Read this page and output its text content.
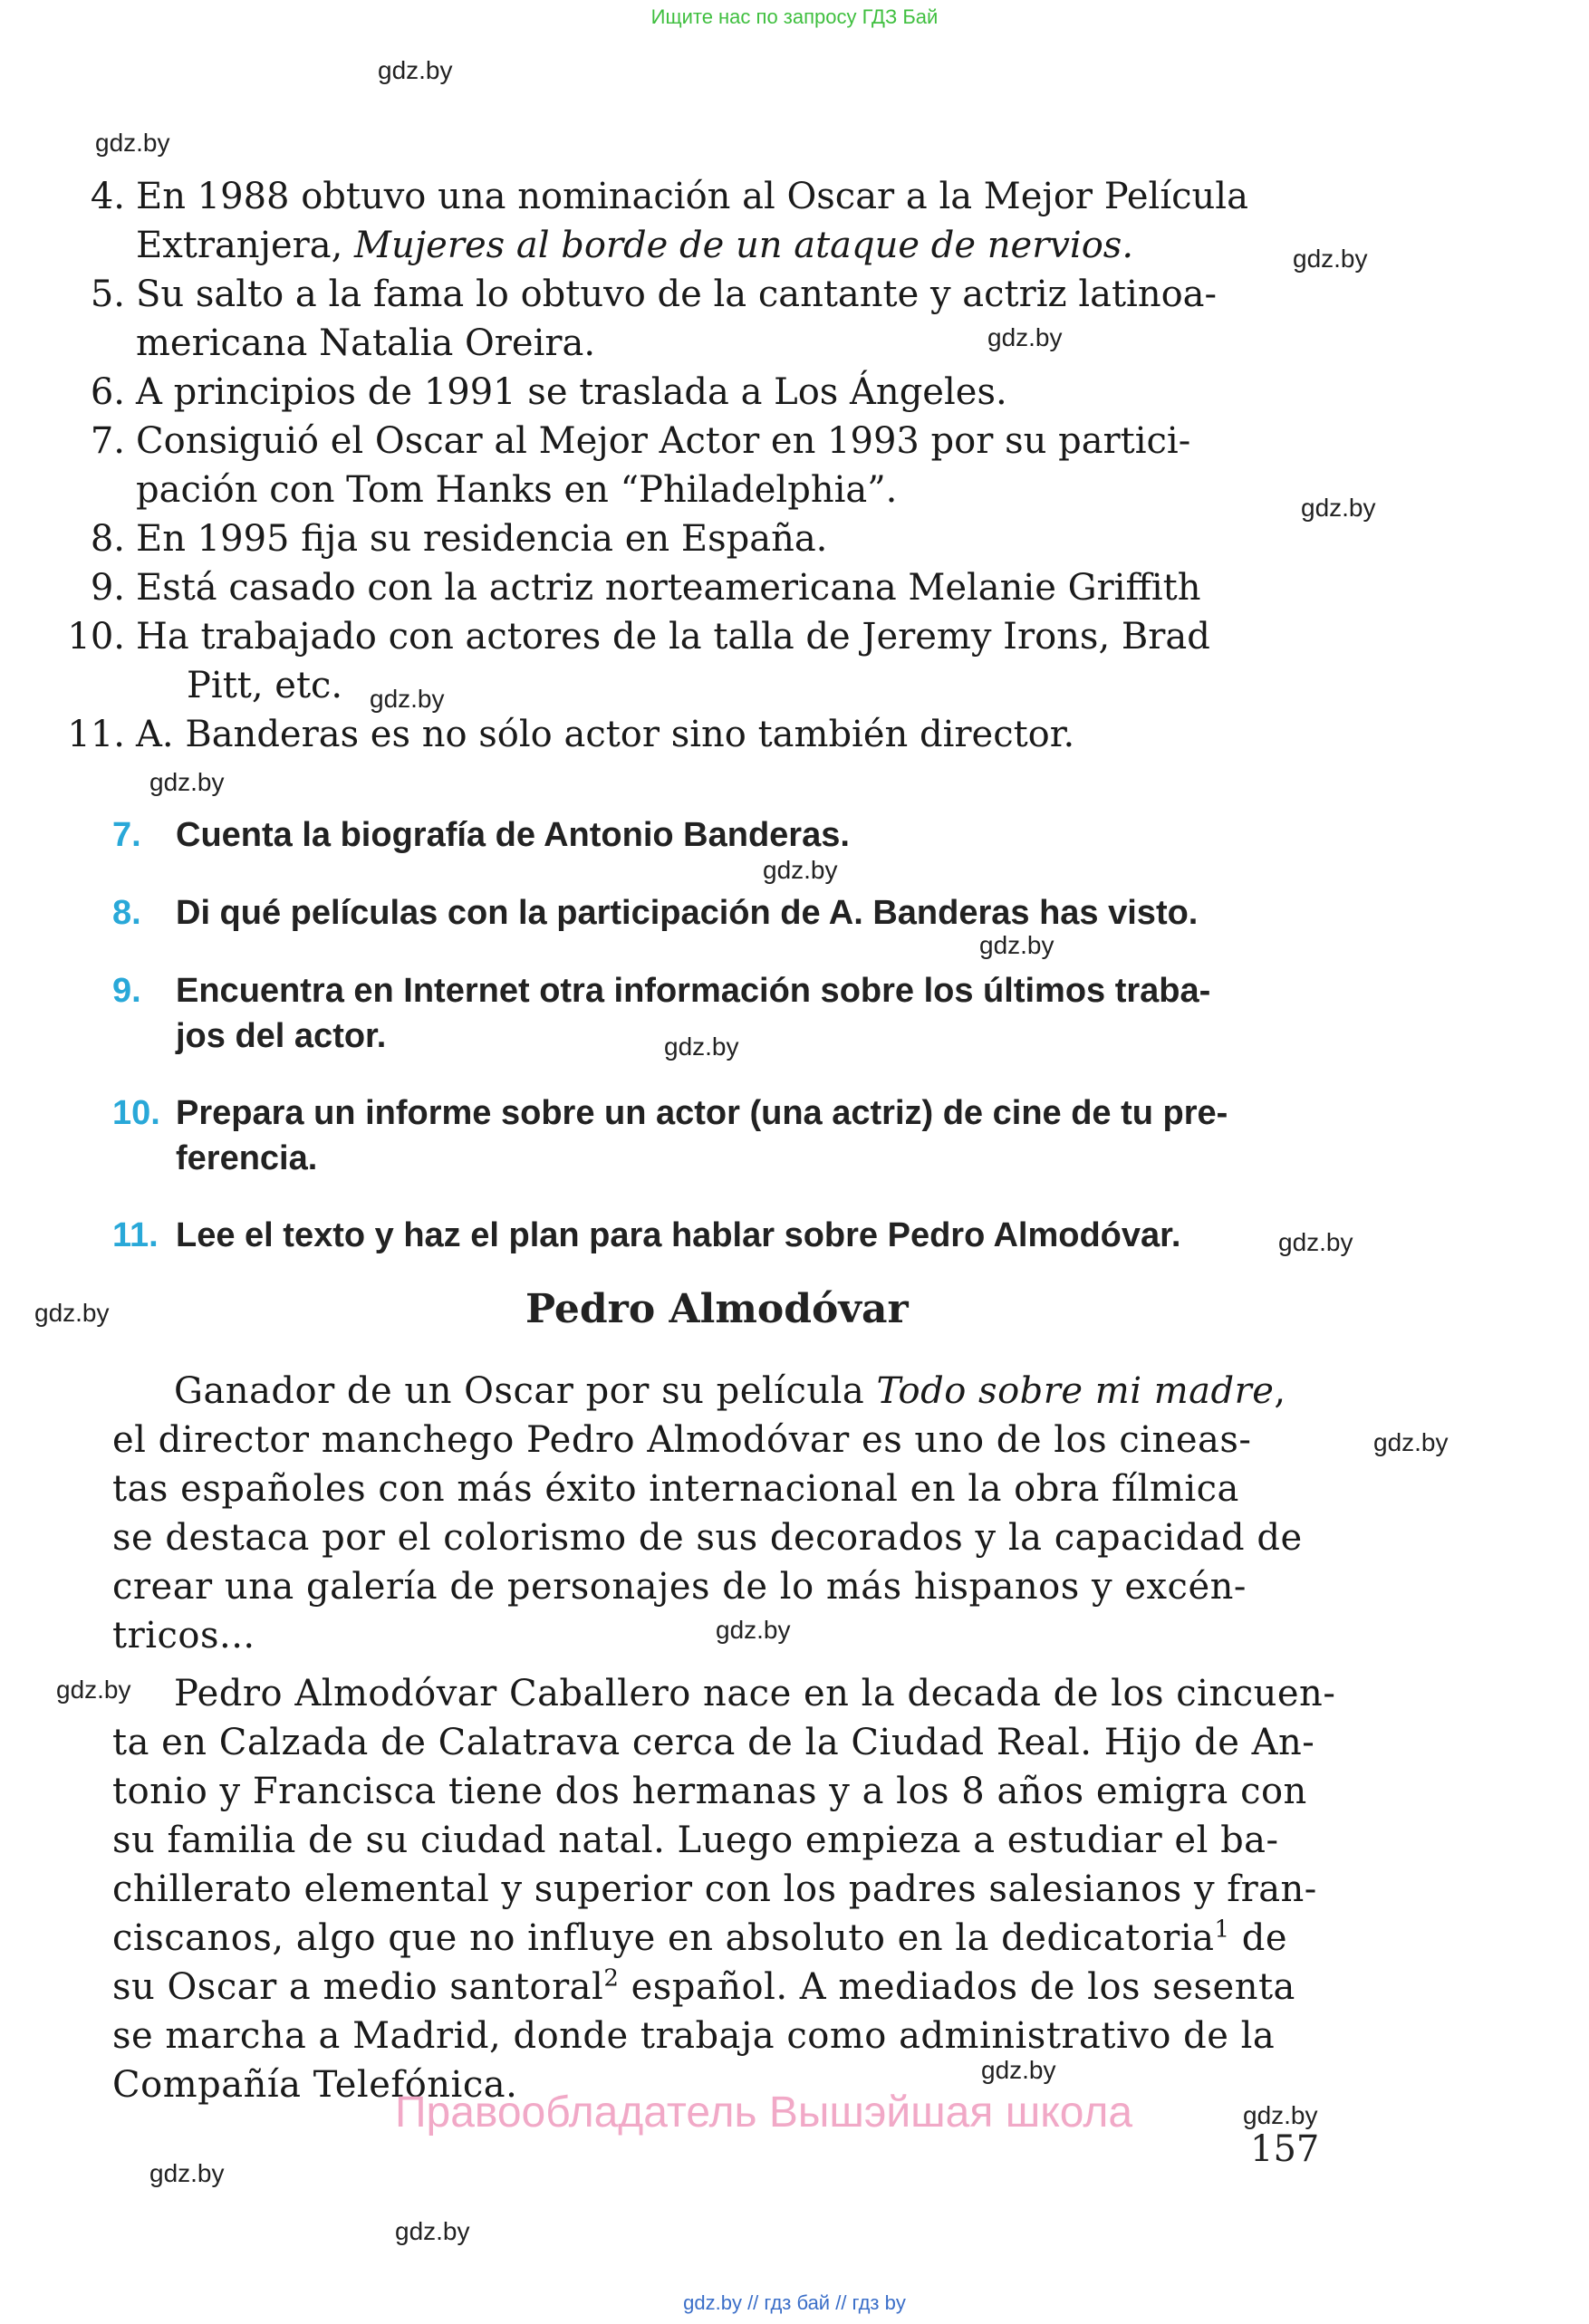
Ищите нас по запросу ГДЗ Бай
gdz.by
gdz.by
gdz.by
gdz.by
gdz.by
gdz.by
gdz.by
gdz.by
gdz.by
gdz.by
gdz.by
gdz.by
gdz.by
gdz.by
gdz.by
gdz.by
gdz.by
gdz.by
gdz.by
4. En 1988 obtuvo una nominación al Oscar a la Mejor Película
Extranjera, Mujeres al borde de un ataque de nervios.
5. Su salto a la fama lo obtuvo de la cantante y actriz latinoa-
mericana Natalia Oreira.
6. A principios de 1991 se traslada a Los Ángeles.
7. Consiguió el Oscar al Mejor Actor en 1993 por su partici-
pación con Tom Hanks en “Philadelphia”.
8. En 1995 fija su residencia en España.
9. Está casado con la actriz norteamericana Melanie Griffith
10. Ha trabajado con actores de la talla de Jeremy Irons, Brad
Pitt, etc.
11. A. Banderas es no sólo actor sino también director.
7. Cuenta la biografía de Antonio Banderas.
8. Di qué películas con la participación de A. Banderas has visto.
9. Encuentra en Internet otra información sobre los últimos traba-
jos del actor.
10. Prepara un informe sobre un actor (una actriz) de cine de tu pre-
ferencia.
11. Lee el texto y haz el plan para hablar sobre Pedro Almodóvar.
Pedro Almodóvar
Ganador de un Oscar por su película Todo sobre mi madre,
el director manchego Pedro Almodóvar es uno de los cineas-
tas españoles con más éxito internacional en la obra fílmica
se destaca por el colorismo de sus decorados y la capacidad de
crear una galería de personajes de lo más hispanos y excén-
tricos...
Pedro Almodóvar Caballero nace en la decada de los cincuen-
ta en Calzada de Calatrava cerca de la Ciudad Real. Hijo de An-
tonio y Francisca tiene dos hermanas y a los 8 años emigra con
su familia de su ciudad natal. Luego empieza a estudiar el ba-
chillerato elemental y superior con los padres salesianos y fran-
ciscanos, algo que no influye en absoluto en la dedicatoria$^1$ de
su Oscar a medio santoral$^2$ español. A mediados de los sesenta
se marcha a Madrid, donde trabaja como administrativo de la
Compañía Telefónica.
Правообладатель Вышэйшая школа
157
gdz.by // гдз бай // гдз by
